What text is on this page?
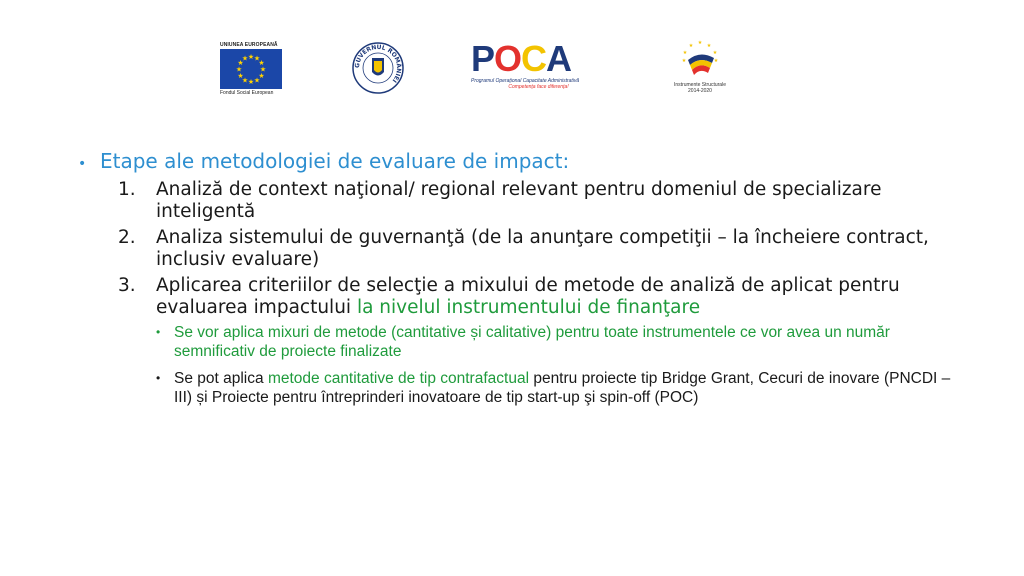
UNIUNEA EUROPEANĂ
★ ★
★
★
★
★
★
★
★
★
★
★
Fondul Social European
GUVERNUL ROMÂNIEI
POCA
Programul Operaţional Capacitate Administrativă
Competenţa face diferenţa!
★ ★
★
★
★
★	★
Instrumente Structurale
2014-2020
• Etape ale metodologiei de evaluare de impact:
1.	Analiză de context naţional/ regional relevant pentru domeniul de specializare inteligentă
2.	Analiza sistemului de guvernanţă (de la anunţare competiţii – la încheiere contract, inclusiv evaluare)
3.	Aplicarea criteriilor de selecţie a mixului de metode de analiză de aplicat pentru evaluarea impactului la nivelul instrumentului de finanţare
• Se vor aplica mixuri de metode (cantitative și calitative) pentru toate instrumentele ce vor avea un număr semnificativ de proiecte finalizate
• Se pot aplica metode cantitative de tip contrafactual pentru proiecte tip Bridge Grant, Cecuri de inovare (PNCDI – III) și Proiecte pentru întreprinderi inovatoare de tip start-up şi spin-off (POC)
